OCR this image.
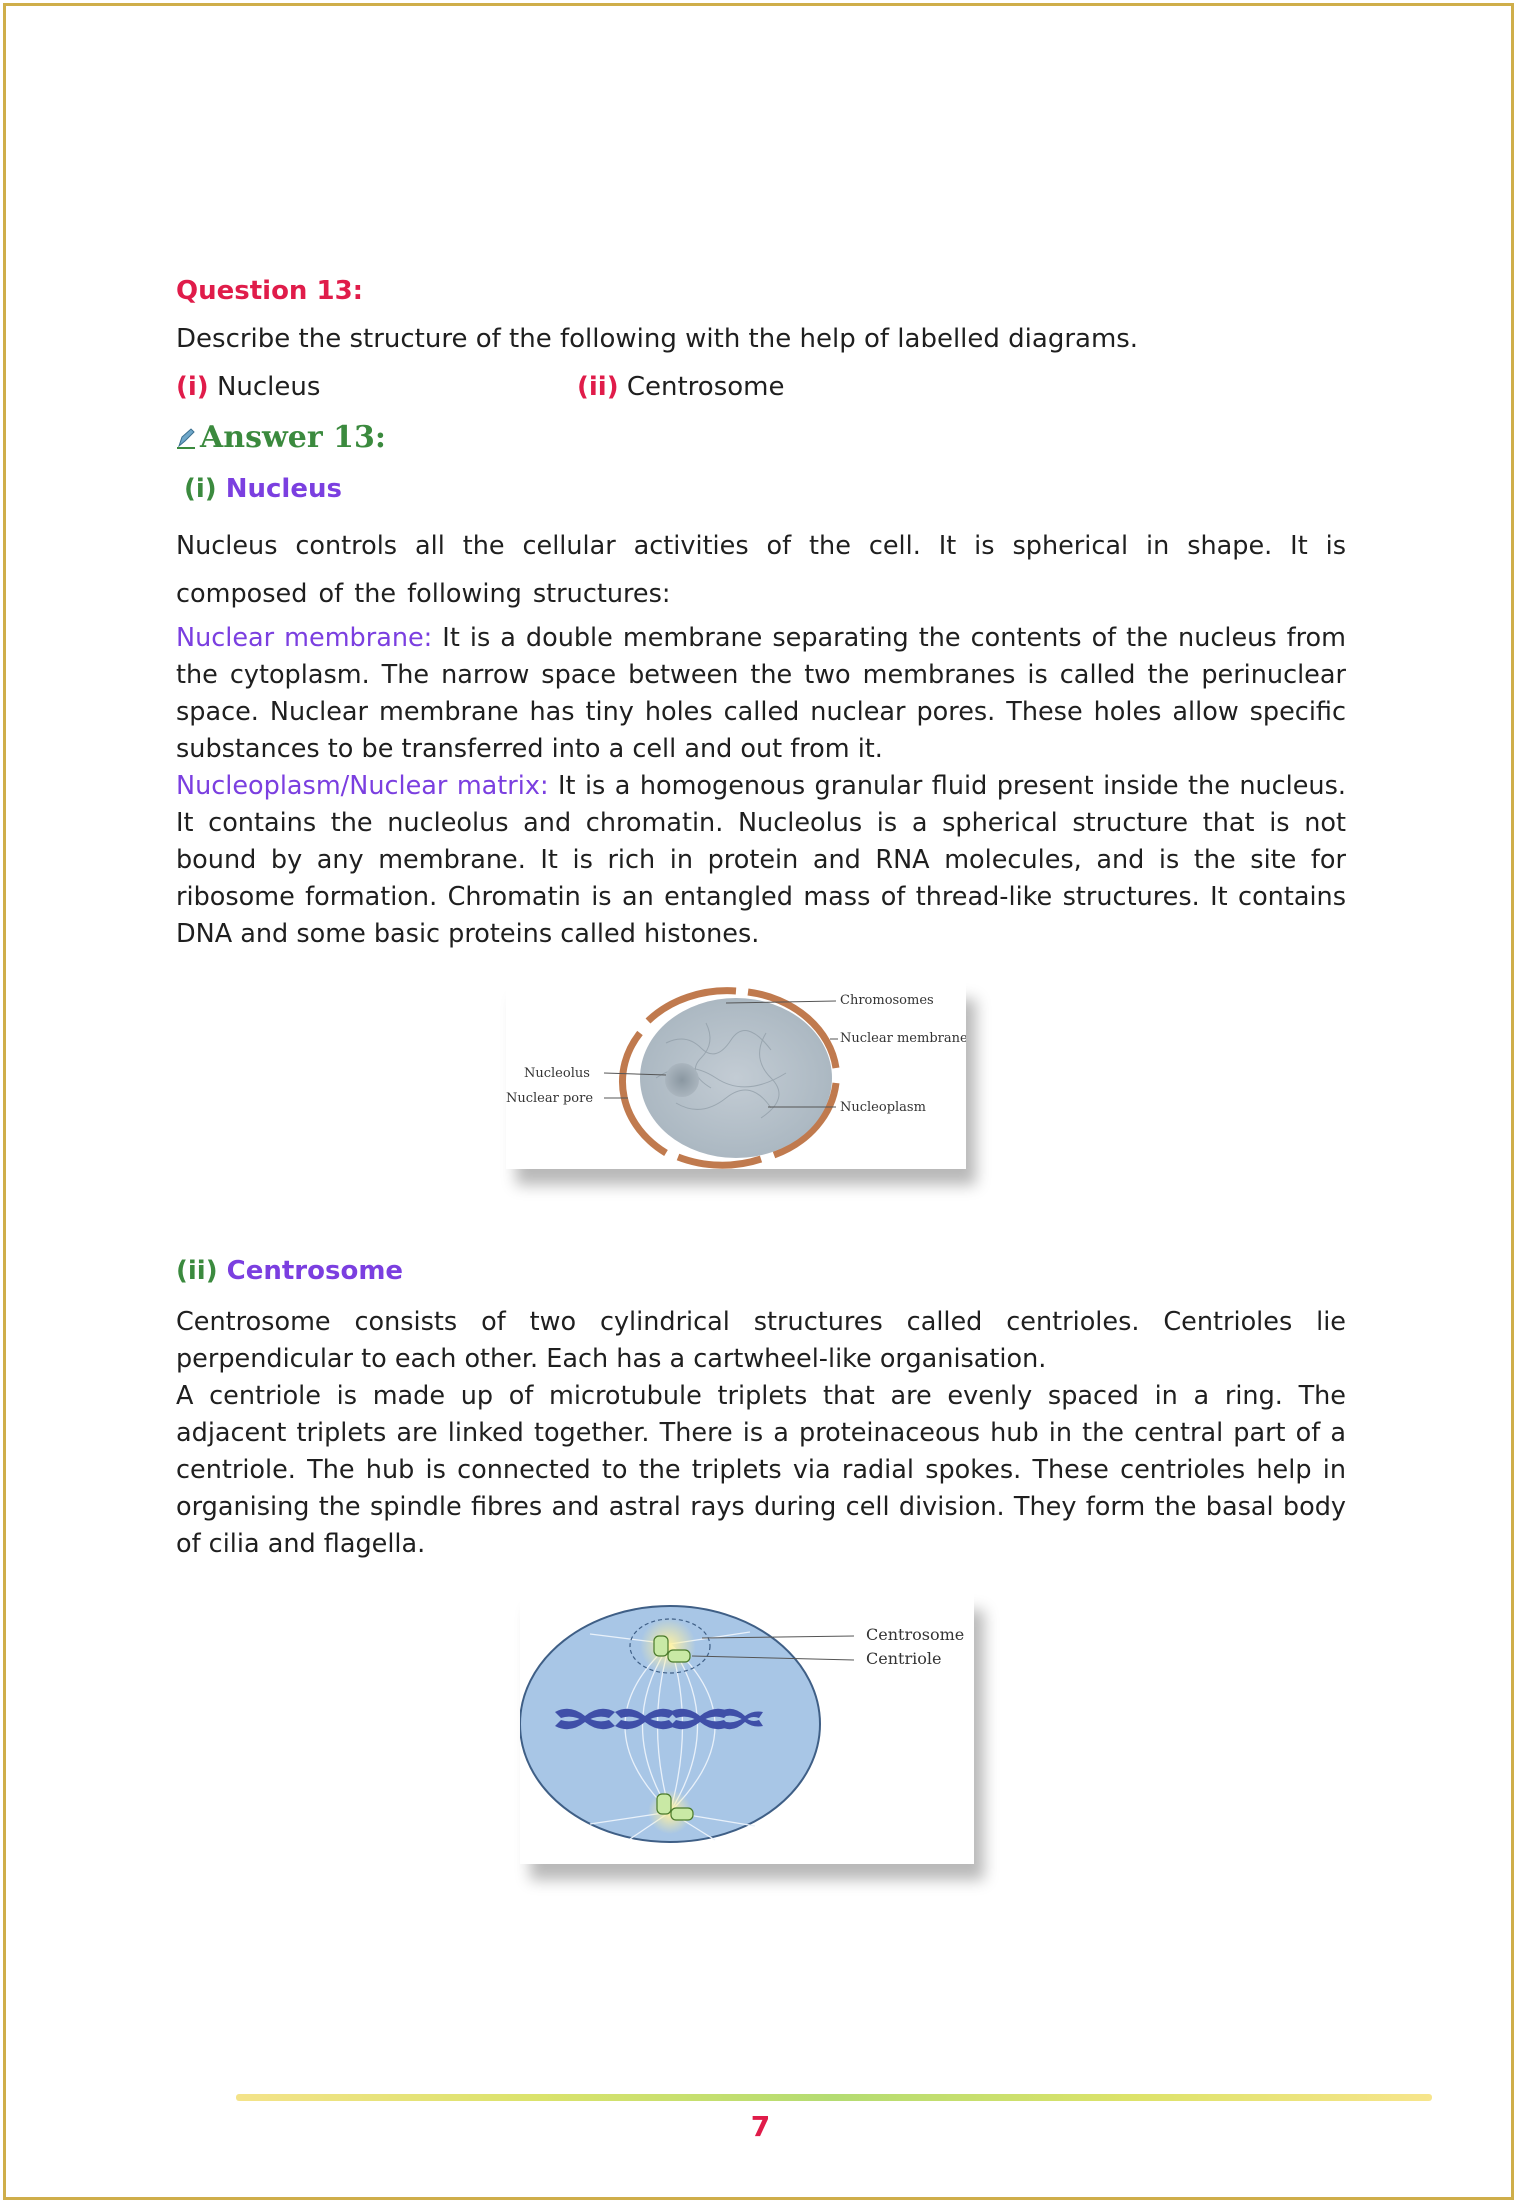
Question 13:
Describe the structure of the following with the help of labelled diagrams.
(i) Nucleus	(ii) Centrosome
Answer 13:
(i) Nucleus

Nucleus controls all the cellular activities of the cell. It is spherical in shape. It is composed of the following structures:

Nuclear membrane: It is a double membrane separating the contents of the nucleus from the cytoplasm. The narrow space between the two membranes is called the perinuclear space. Nuclear membrane has tiny holes called nuclear pores. These holes allow specific substances to be transferred into a cell and out from it.

Nucleoplasm/Nuclear matrix: It is a homogenous granular fluid present inside the nucleus. It contains the nucleolus and chromatin. Nucleolus is a spherical structure that is not bound by any membrane. It is rich in protein and RNA molecules, and is the site for ribosome formation. Chromatin is an entangled mass of thread-like structures. It contains DNA and some basic proteins called histones.

Chromosomes
Nuclear membrane
Nucleolus
Nuclear pore
Nucleoplasm
(ii) Centrosome

Centrosome consists of two cylindrical structures called centrioles. Centrioles lie perpendicular to each other. Each has a cartwheel-like organisation.

A centriole is made up of microtubule triplets that are evenly spaced in a ring. The adjacent triplets are linked together. There is a proteinaceous hub in the central part of a centriole. The hub is connected to the triplets via radial spokes. These centrioles help in organising the spindle fibres and astral rays during cell division. They form the basal body of cilia and flagella.

Centrosome
Centriole
7
